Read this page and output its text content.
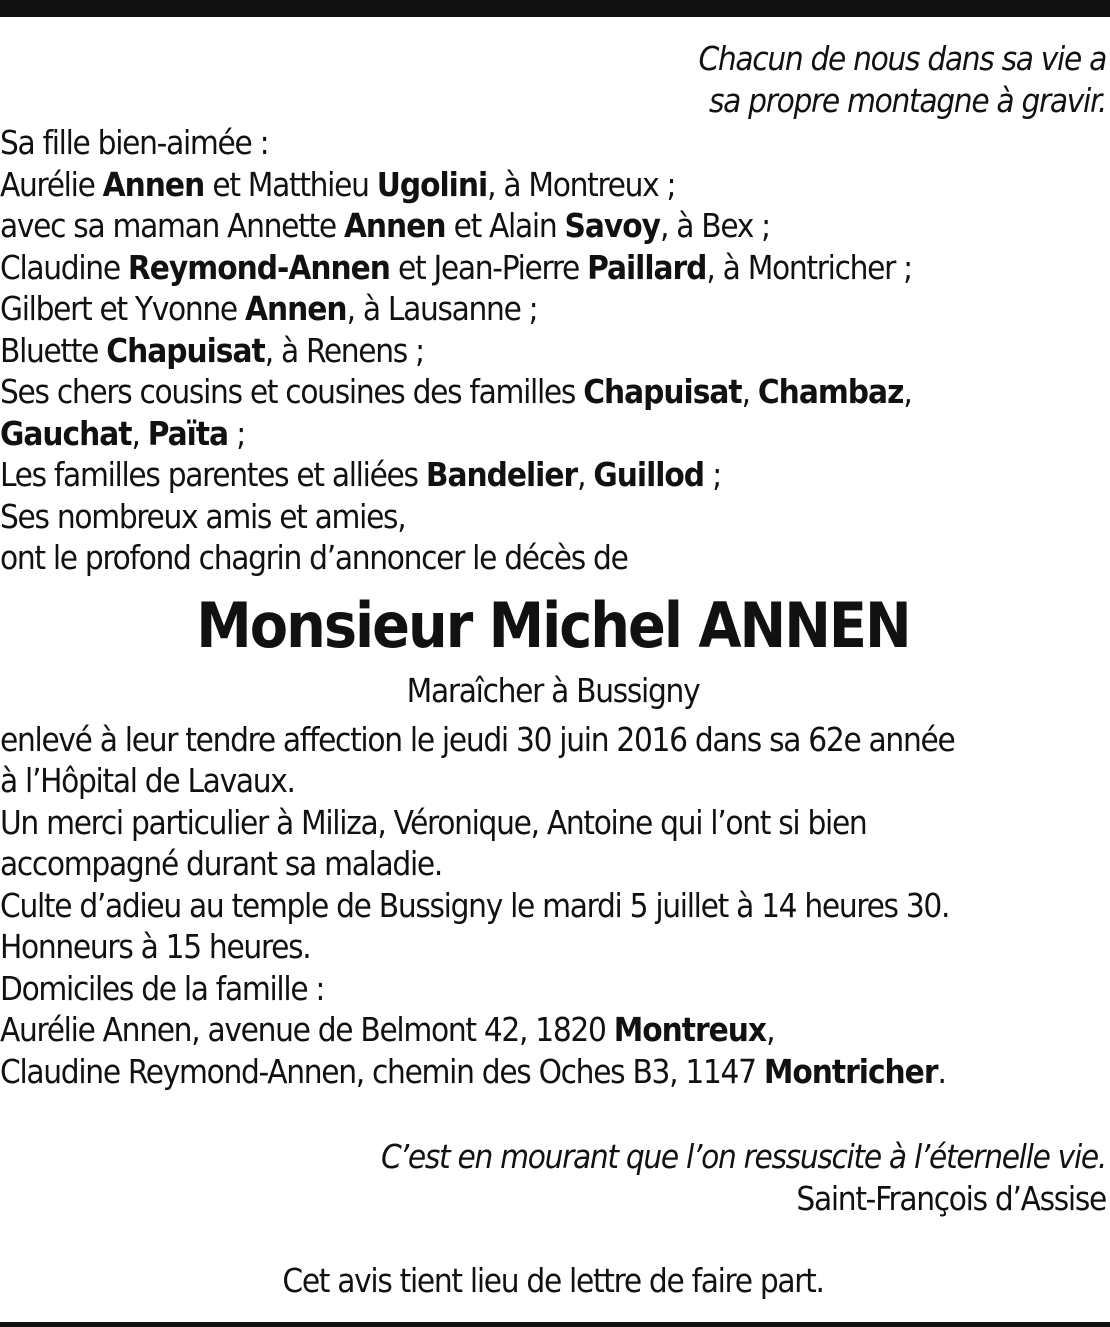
Chacun de nous dans sa vie a
sa propre montagne à gravir.
Sa fille bien-aimée :
Aurélie Annen et Matthieu Ugolini, à Montreux ;
avec sa maman Annette Annen et Alain Savoy, à Bex ;
Claudine Reymond-Annen et Jean-Pierre Paillard, à Montricher ;
Gilbert et Yvonne Annen, à Lausanne ;
Bluette Chapuisat, à Renens ;
Ses chers cousins et cousines des familles Chapuisat, Chambaz,
Gauchat, Païta ;
Les familles parentes et alliées Bandelier, Guillod ;
Ses nombreux amis et amies,
ont le profond chagrin d’annoncer le décès de
Monsieur Michel ANNEN
Maraîcher à Bussigny
enlevé à leur tendre affection le jeudi 30 juin 2016 dans sa 62e année
à l’Hôpital de Lavaux.
Un merci particulier à Miliza, Véronique, Antoine qui l’ont si bien
accompagné durant sa maladie.
Culte d’adieu au temple de Bussigny le mardi 5 juillet à 14 heures 30.
Honneurs à 15 heures.
Domiciles de la famille :
Aurélie Annen, avenue de Belmont 42, 1820 Montreux,
Claudine Reymond-Annen, chemin des Oches B3, 1147 Montricher.
C’est en mourant que l’on ressuscite à l’éternelle vie.
Saint-François d’Assise
Cet avis tient lieu de lettre de faire part.
